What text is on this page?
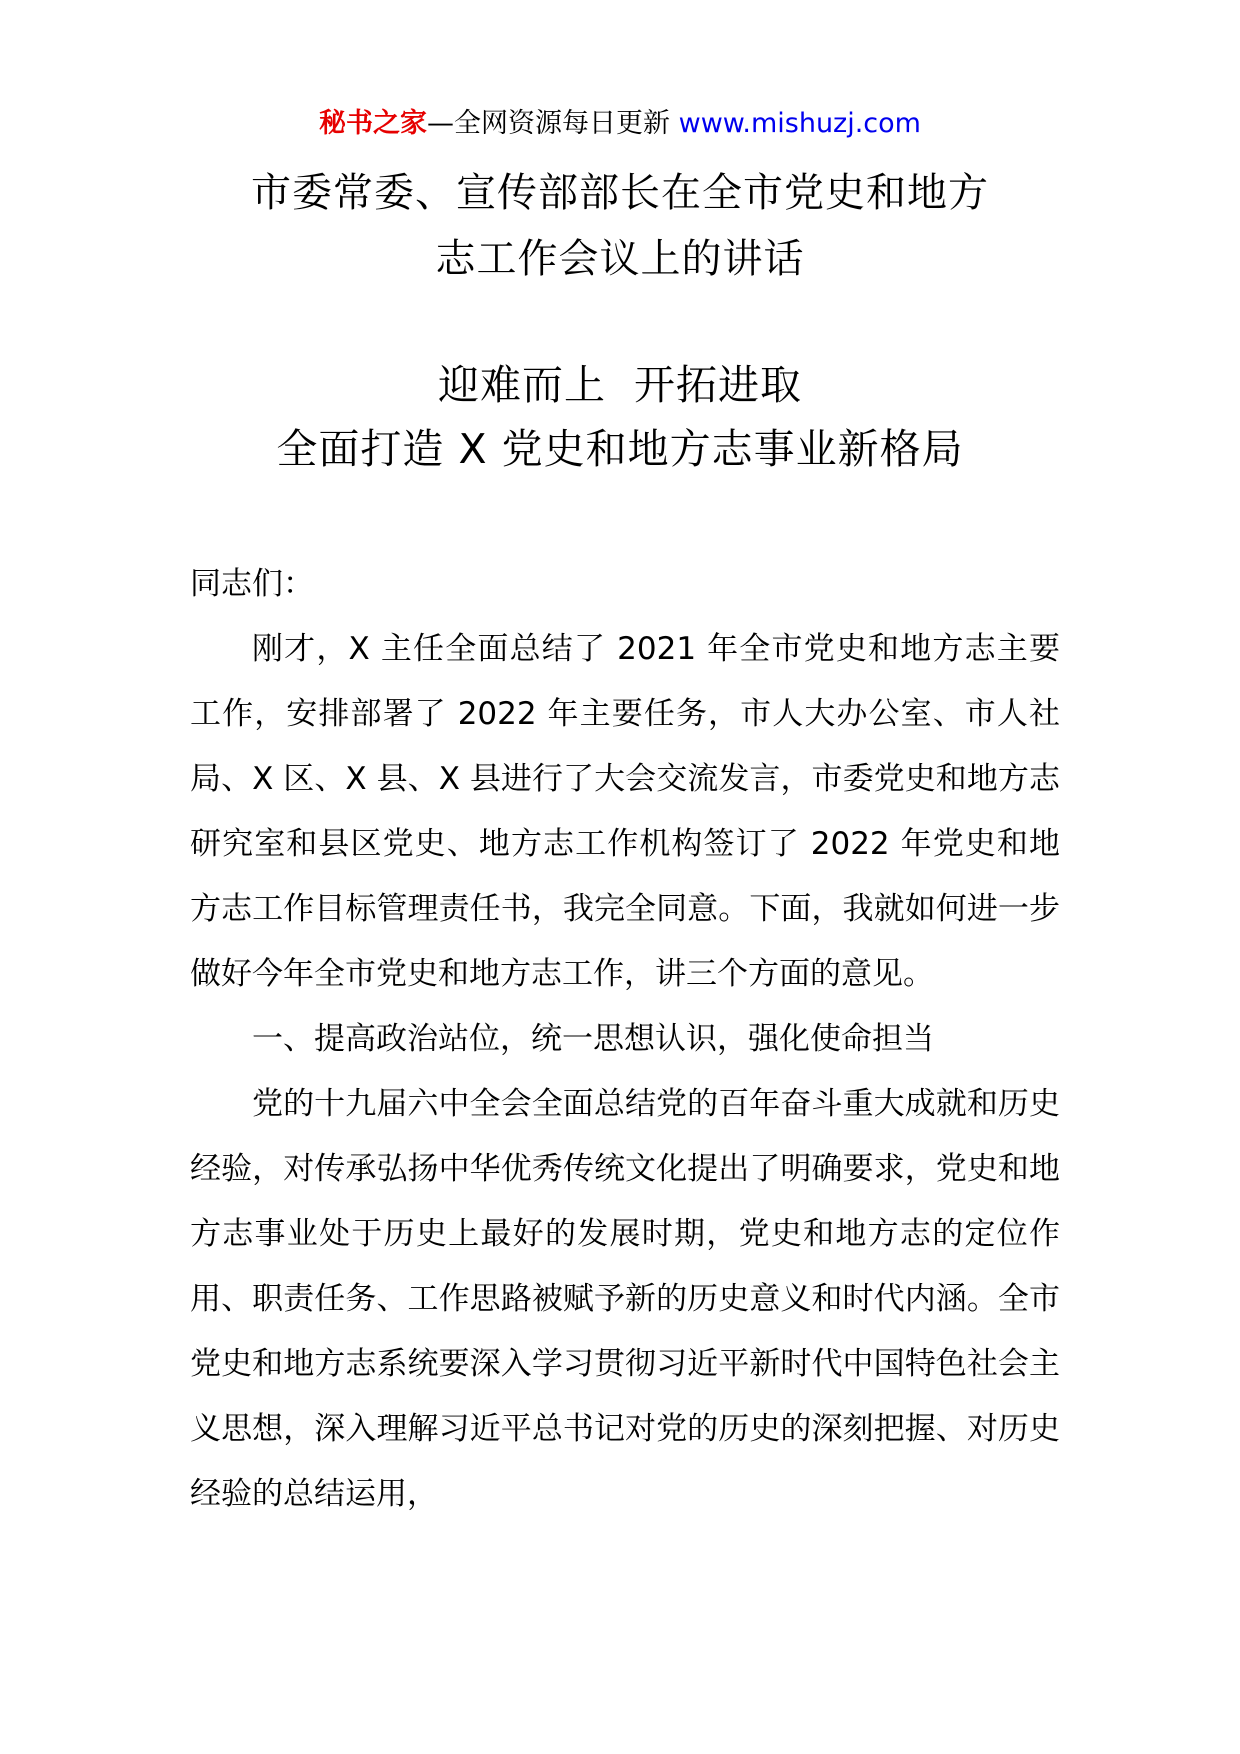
秘书之家—全网资源每日更新 www.mishuzj.com
市委常委、宣传部部长在全市党史和地方
志工作会议上的讲话
迎难而上  开拓进取
全面打造 X 党史和地方志事业新格局

同志们：

刚才，X 主任全面总结了 2021 年全市党史和地方志主要工作，安排部署了 2022 年主要任务，市人大办公室、市人社局、X 区、X 县、X 县进行了大会交流发言，市委党史和地方志研究室和县区党史、地方志工作机构签订了 2022 年党史和地方志工作目标管理责任书，我完全同意。下面，我就如何进一步做好今年全市党史和地方志工作，讲三个方面的意见。

一、提高政治站位，统一思想认识，强化使命担当

党的十九届六中全会全面总结党的百年奋斗重大成就和历史经验，对传承弘扬中华优秀传统文化提出了明确要求，党史和地方志事业处于历史上最好的发展时期，党史和地方志的定位作用、职责任务、工作思路被赋予新的历史意义和时代内涵。全市党史和地方志系统要深入学习贯彻习近平新时代中国特色社会主义思想，深入理解习近平总书记对党的历史的深刻把握、对历史经验的总结运用，
